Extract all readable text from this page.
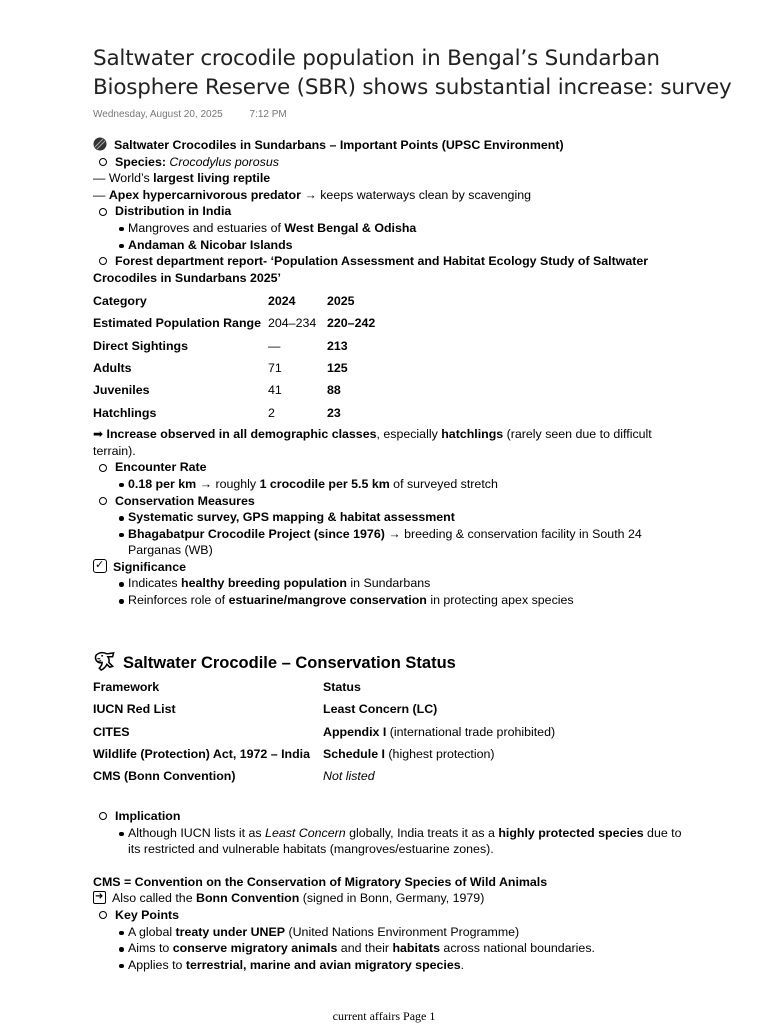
Saltwater crocodile population in Bengal’s Sundarban Biosphere Reserve (SBR) shows substantial increase: survey
Wednesday, August 20, 2025	7:12 PM
Saltwater Crocodiles in Sundarbans – Important Points (UPSC Environment)
Species: Crocodylus porosus
— World’s largest living reptile
— Apex hypercarnivorous predator → keeps waterways clean by scavenging
Distribution in India
Mangroves and estuaries of West Bengal & Odisha
Andaman & Nicobar Islands
Forest department report- ‘Population Assessment and Habitat Ecology Study of Saltwater Crocodiles in Sundarbans 2025’
Category	2024	2025
Estimated Population Range	204–234	220–242
Direct Sightings	—	213
Adults	71	125
Juveniles	41	88
Hatchlings	2	23
➡ Increase observed in all demographic classes, especially hatchlings (rarely seen due to difficult terrain).
Encounter Rate
0.18 per km → roughly 1 crocodile per 5.5 km of surveyed stretch
Conservation Measures
Systematic survey, GPS mapping & habitat assessment
Bhagabatpur Crocodile Project (since 1976) → breeding & conservation facility in South 24 Parganas (WB)
✓Significance
Indicates healthy breeding population in Sundarbans
Reinforces role of estuarine/mangrove conservation in protecting apex species
Saltwater Crocodile – Conservation Status
Framework	Status
IUCN Red List	Least Concern (LC)
CITES	Appendix I (international trade prohibited)
Wildlife (Protection) Act, 1972 – India	Schedule I (highest protection)
CMS (Bonn Convention)	Not listed
Implication
Although IUCN lists it as Least Concern globally, India treats it as a highly protected species due to its restricted and vulnerable habitats (mangroves/estuarine zones).
CMS = Convention on the Conservation of Migratory Species of Wild Animals
➜Also called the Bonn Convention (signed in Bonn, Germany, 1979)
Key Points
A global treaty under UNEP (United Nations Environment Programme)
Aims to conserve migratory animals and their habitats across national boundaries.
Applies to terrestrial, marine and avian migratory species.
current affairs Page 1
